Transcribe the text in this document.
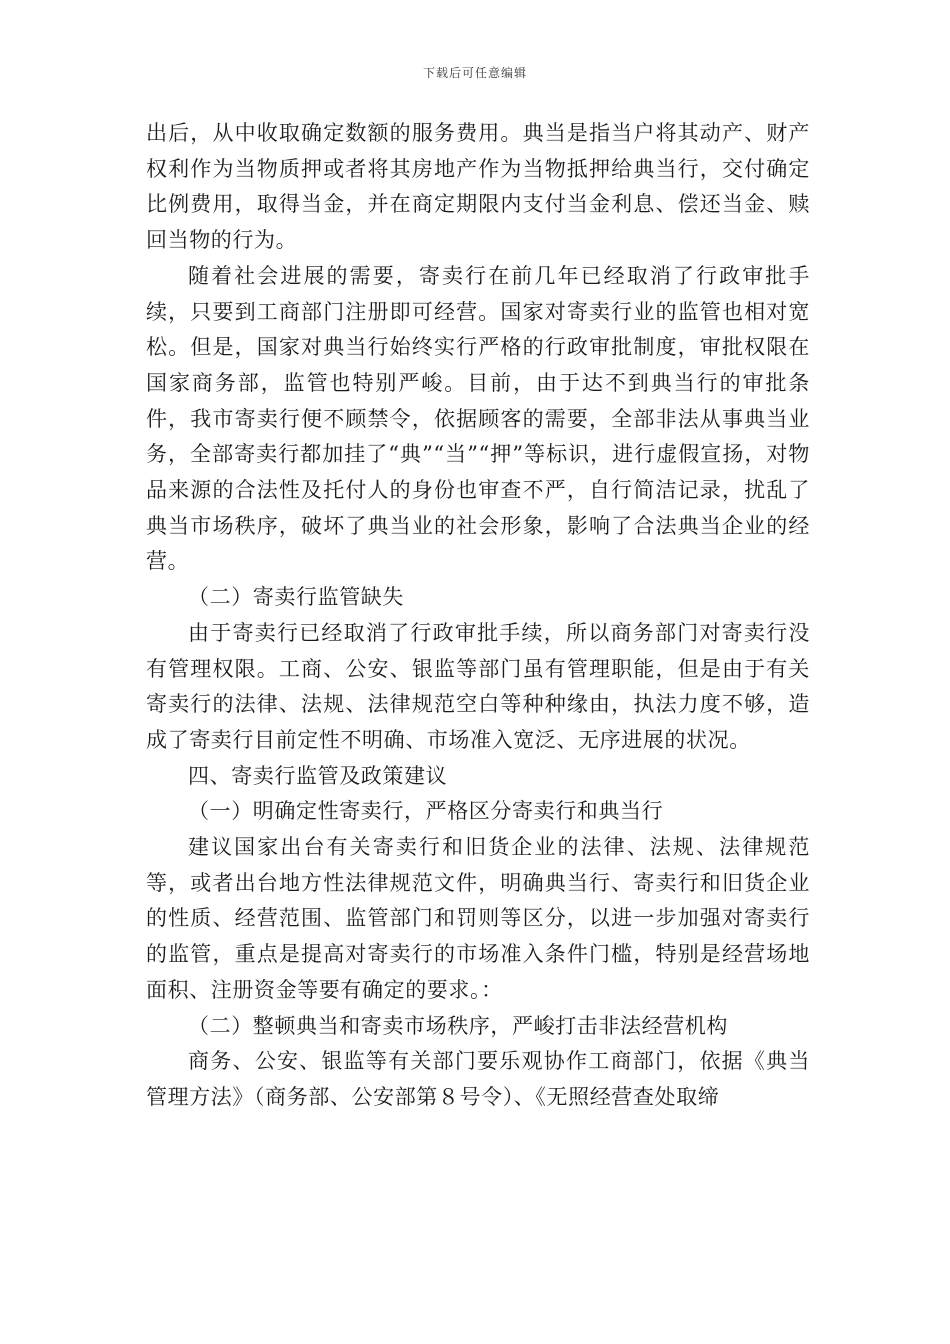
下载后可任意编辑

出后，从中收取确定数额的服务费用。典当是指当户将其动产、财产权利作为当物质押或者将其房地产作为当物抵押给典当行，交付确定比例费用，取得当金，并在商定期限内支付当金利息、偿还当金、赎回当物的行为。

随着社会进展的需要，寄卖行在前几年已经取消了行政审批手续，只要到工商部门注册即可经营。国家对寄卖行业的监管也相对宽松。但是，国家对典当行始终实行严格的行政审批制度，审批权限在国家商务部，监管也特别严峻。目前，由于达不到典当行的审批条件，我市寄卖行便不顾禁令，依据顾客的需要，全部非法从事典当业务，全部寄卖行都加挂了“典”“当”“押”等标识，进行虚假宣扬，对物品来源的合法性及托付人的身份也审查不严，自行简洁记录，扰乱了典当市场秩序，破坏了典当业的社会形象，影响了合法典当企业的经营。

（二）寄卖行监管缺失

由于寄卖行已经取消了行政审批手续，所以商务部门对寄卖行没有管理权限。工商、公安、银监等部门虽有管理职能，但是由于有关寄卖行的法律、法规、法律规范空白等种种缘由，执法力度不够，造成了寄卖行目前定性不明确、市场准入宽泛、无序进展的状况。

四、寄卖行监管及政策建议

（一）明确定性寄卖行，严格区分寄卖行和典当行

建议国家出台有关寄卖行和旧货企业的法律、法规、法律规范等，或者出台地方性法律规范文件，明确典当行、寄卖行和旧货企业的性质、经营范围、监管部门和罚则等区分，以进一步加强对寄卖行的监管，重点是提高对寄卖行的市场准入条件门槛，特别是经营场地面积、注册资金等要有确定的要求。：

（二）整顿典当和寄卖市场秩序，严峻打击非法经营机构

商务、公安、银监等有关部门要乐观协作工商部门，依据《典当管理方法》（商务部、公安部第８号令）、《无照经营查处取缔
